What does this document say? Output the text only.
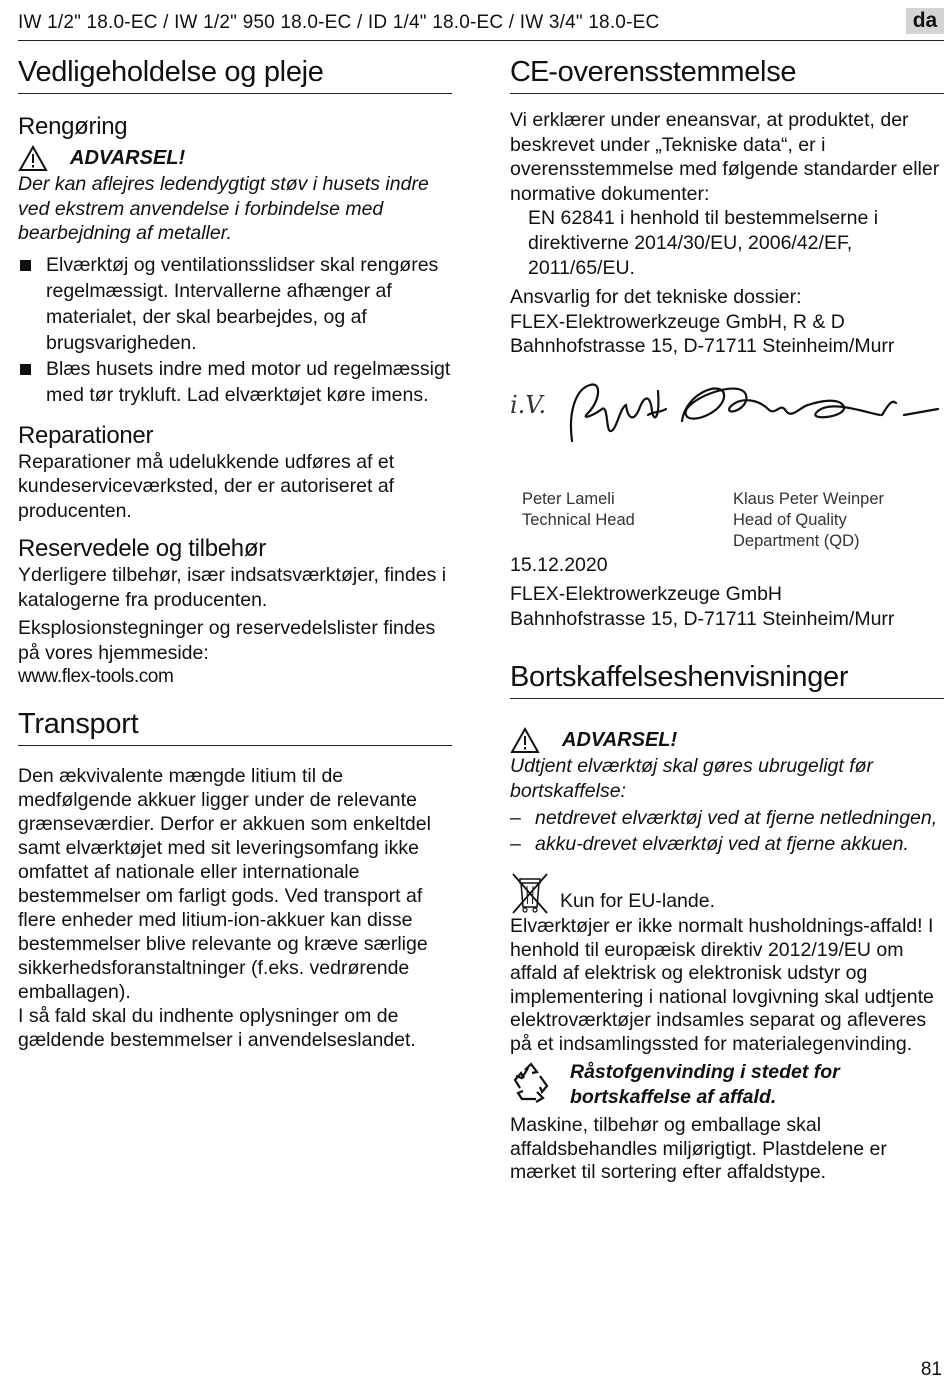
IW 1/2" 18.0-EC / IW 1/2" 950 18.0-EC / ID 1/4" 18.0-EC / IW 3/4" 18.0-EC	da
Vedligeholdelse og pleje
Rengøring
ADVARSEL!

Der kan aflejres ledendygtigt støv i husets indre ved ekstrem anvendelse i forbindelse med bearbejdning af metaller.

Elværktøj og ventilationsslidser skal rengøres regelmæssigt. Intervallerne afhænger af materialet, der skal bearbejdes, og af brugsvarigheden.
Blæs husets indre med motor ud regelmæssigt med tør trykluft. Lad elværktøjet køre imens.
Reparationer

Reparationer må udelukkende udføres af et kundeserviceværksted, der er autoriseret af producenten.

Reservedele og tilbehør

Yderligere tilbehør, især indsatsværktøjer, findes i katalogerne fra producenten.

Eksplosionstegninger og reservedelslister findes på vores hjemmeside:

www.flex-tools.com

Transport

Den ækvivalente mængde litium til de medfølgende akkuer ligger under de relevante grænseværdier. Derfor er akkuen som enkeltdel samt elværktøjet med sit leveringsomfang ikke omfattet af nationale eller internationale bestemmelser om farligt gods. Ved transport af flere enheder med litium-ion-akkuer kan disse bestemmelser blive relevante og kræve særlige sikkerhedsforanstaltninger (f.eks. vedrørende emballagen).

I så fald skal du indhente oplysninger om de gældende bestemmelser i anvendelseslandet.

CE-overensstemmelse

Vi erklærer under eneansvar, at produktet, der beskrevet under „Tekniske data“, er i overensstemmelse med følgende standarder eller normative dokumenter:

EN 62841 i henhold til bestemmelserne i direktiverne 2014/30/EU, 2006/42/EF, 2011/65/EU.

Ansvarlig for det tekniske dossier:

FLEX-Elektrowerkzeuge GmbH, R & D

Bahnhofstrasse 15, D-71711 Steinheim/Murr

i.V.
Peter Lameli
Technical Head
Klaus Peter Weinper
Head of Quality
Department (QD)

15.12.2020

FLEX-Elektrowerkzeuge GmbH

Bahnhofstrasse 15, D-71711 Steinheim/Murr

Bortskaffelseshenvisninger
ADVARSEL!

Udtjent elværktøj skal gøres ubrugeligt før bortskaffelse:

– netdrevet elværktøj ved at fjerne netledningen,
– akku-drevet elværktøj ved at fjerne akkuen.

Kun for EU-lande.

Elværktøjer er ikke normalt husholdnings-affald! I henhold til europæisk direktiv 2012/19/EU om affald af elektrisk og elektronisk udstyr og implementering i national lovgivning skal udtjente elektroværktøjer indsamles separat og afleveres på et indsamlingssted for materialegenvinding.

Råstofgenvinding i stedet for bortskaffelse af affald.

Maskine, tilbehør og emballage skal affaldsbehandles miljørigtigt. Plastdelene er mærket til sortering efter affaldstype.

81
